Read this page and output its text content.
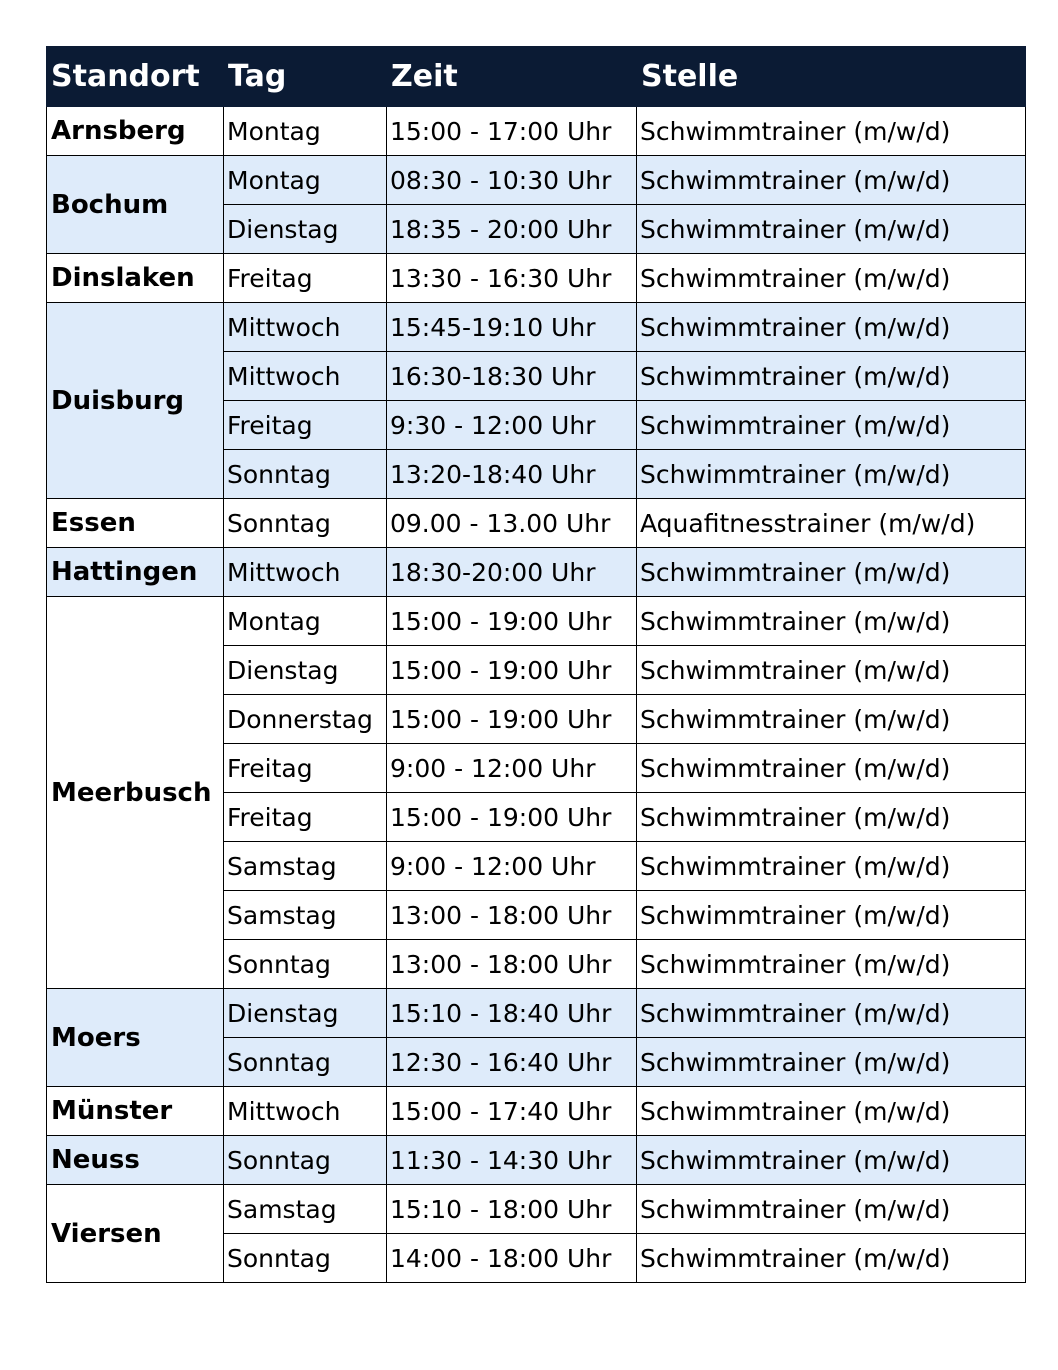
Standort	Tag	Zeit	Stelle
Arnsberg	Montag	15:00 - 17:00 Uhr	Schwimmtrainer (m/w/d)
Bochum	Montag	08:30 - 10:30 Uhr	Schwimmtrainer (m/w/d)
	Dienstag	18:35 - 20:00 Uhr	Schwimmtrainer (m/w/d)
Dinslaken	Freitag	13:30 - 16:30 Uhr	Schwimmtrainer (m/w/d)
Duisburg	Mittwoch	15:45-19:10 Uhr	Schwimmtrainer (m/w/d)
	Mittwoch	16:30-18:30 Uhr	Schwimmtrainer (m/w/d)
	Freitag	9:30 - 12:00 Uhr	Schwimmtrainer (m/w/d)
	Sonntag	13:20-18:40 Uhr	Schwimmtrainer (m/w/d)
Essen	Sonntag	09.00 - 13.00 Uhr	Aquafitnesstrainer (m/w/d)
Hattingen	Mittwoch	18:30-20:00 Uhr	Schwimmtrainer (m/w/d)
Meerbusch	Montag	15:00 - 19:00 Uhr	Schwimmtrainer (m/w/d)
	Dienstag	15:00 - 19:00 Uhr	Schwimmtrainer (m/w/d)
	Donnerstag	15:00 - 19:00 Uhr	Schwimmtrainer (m/w/d)
	Freitag	9:00 - 12:00 Uhr	Schwimmtrainer (m/w/d)
	Freitag	15:00 - 19:00 Uhr	Schwimmtrainer (m/w/d)
	Samstag	9:00 - 12:00 Uhr	Schwimmtrainer (m/w/d)
	Samstag	13:00 - 18:00 Uhr	Schwimmtrainer (m/w/d)
	Sonntag	13:00 - 18:00 Uhr	Schwimmtrainer (m/w/d)
Moers	Dienstag	15:10 - 18:40 Uhr	Schwimmtrainer (m/w/d)
	Sonntag	12:30 - 16:40 Uhr	Schwimmtrainer (m/w/d)
Münster	Mittwoch	15:00 - 17:40 Uhr	Schwimmtrainer (m/w/d)
Neuss	Sonntag	11:30 - 14:30 Uhr	Schwimmtrainer (m/w/d)
Viersen	Samstag	15:10 - 18:00 Uhr	Schwimmtrainer (m/w/d)
	Sonntag	14:00 - 18:00 Uhr	Schwimmtrainer (m/w/d)
